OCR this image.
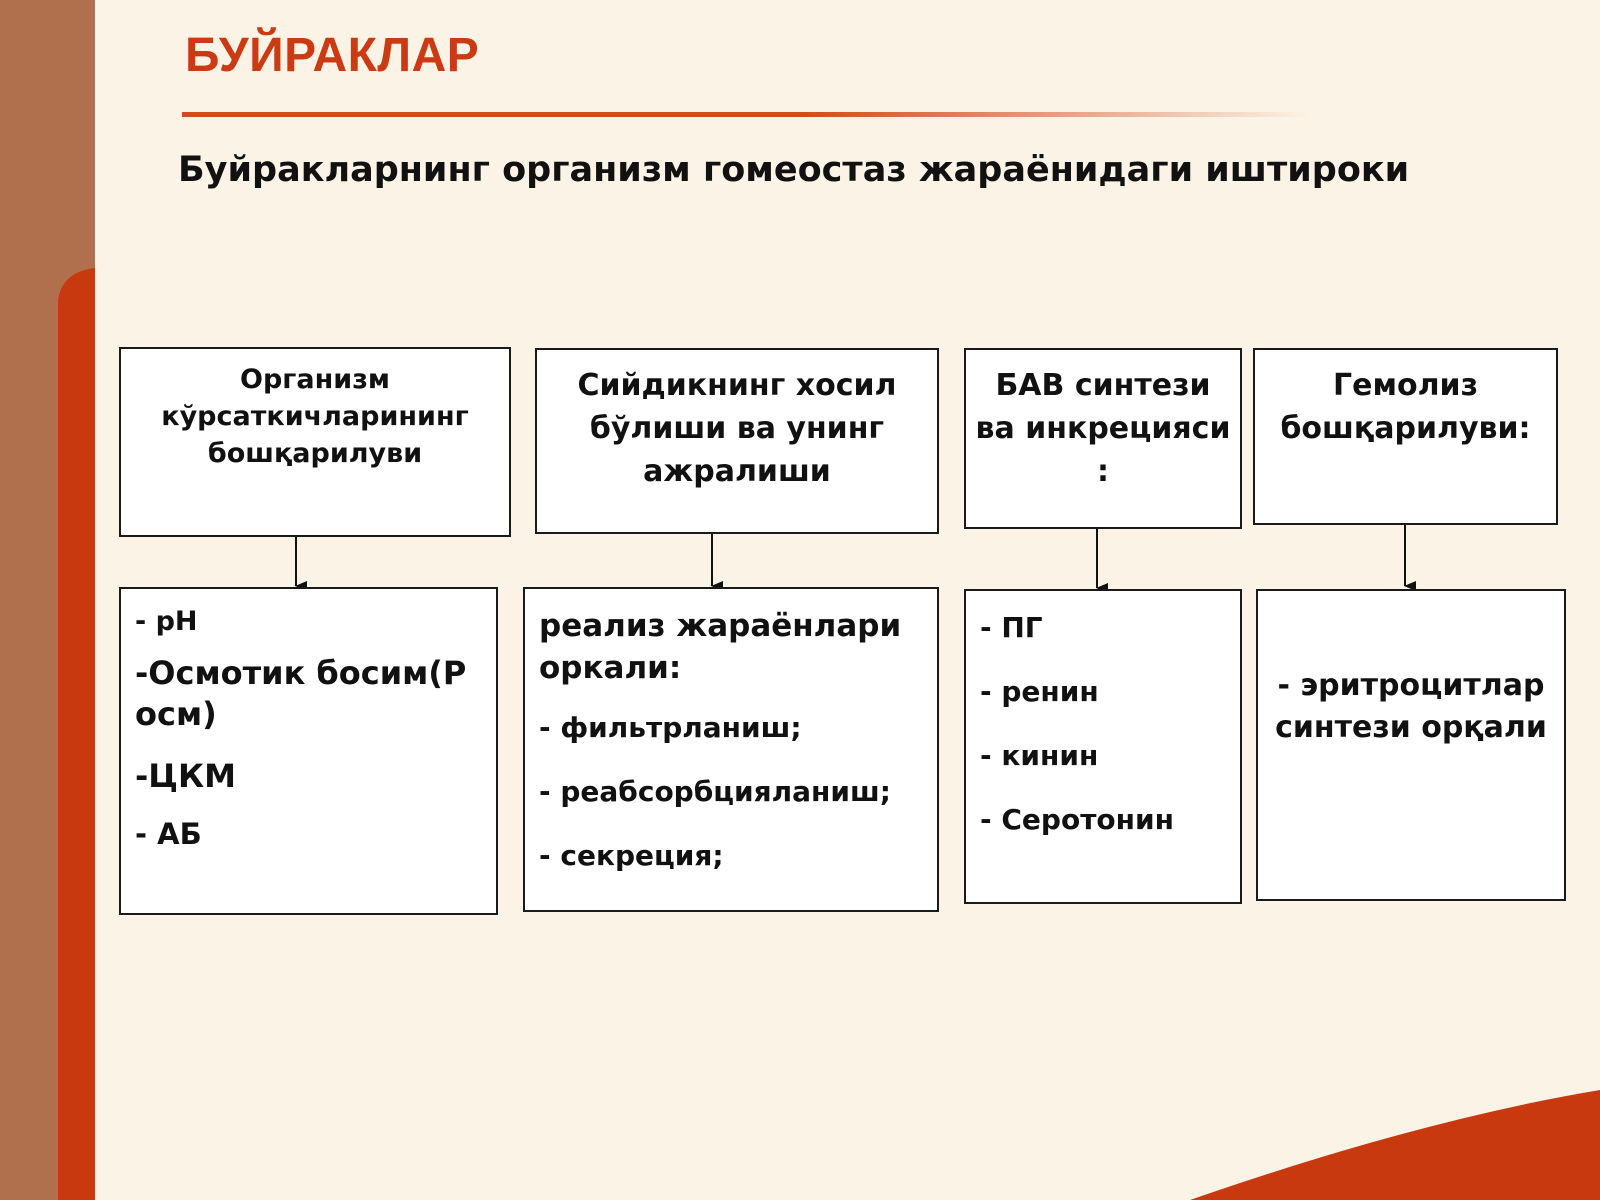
БУЙРАКЛАР
Буйракларнинг организм гомеостаз жараёнидаги иштироки
Организм
кўрсаткичларининг
бошқарилуви

- pH

-Осмотик босим(Р

осм)

-ЦКМ

- АБ

Сийдикнинг хосил
бўлиши ва унинг
ажралиши

реализ жараёнлари

оркали:

- фильтрланиш;

- реабсорбцияланиш;

- секреция;

БАВ синтези
ва инкрецияси
:

- ПГ

- ренин

- кинин

- Серотонин

Гемолиз
бошқарилуви:

- эритроцитлар

синтези орқали
